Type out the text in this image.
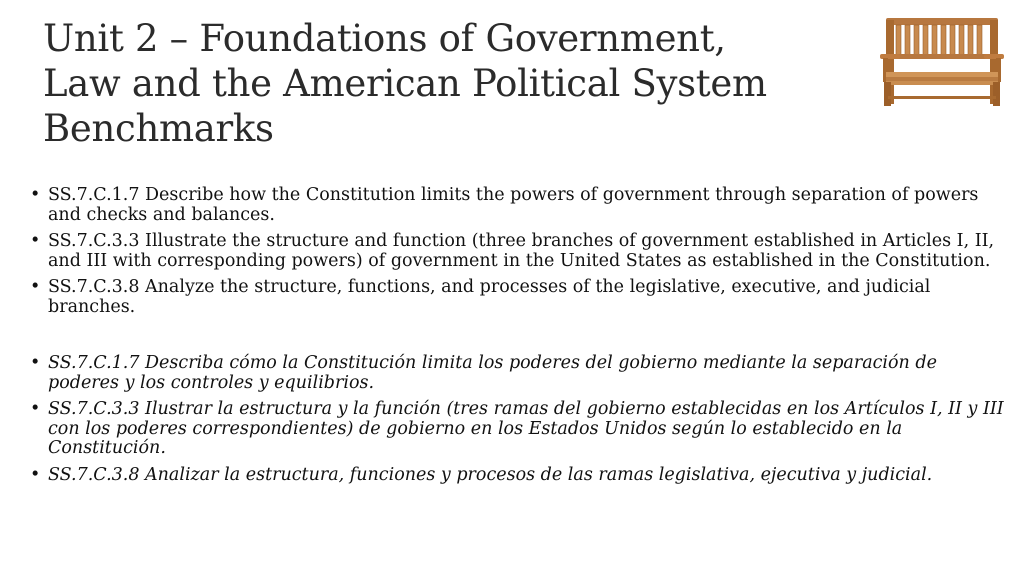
Unit 2 – Foundations of Government,
Law and the American Political System
Benchmarks
• SS.7.C.1.7 Describe how the Constitution limits the powers of government through separation of powers and checks and balances.
• SS.7.C.3.3 Illustrate the structure and function (three branches of government established in Articles I, II, and III with corresponding powers) of government in the United States as established in the Constitution.
• SS.7.C.3.8 Analyze the structure, functions, and processes of the legislative, executive, and judicial branches.
• SS.7.C.1.7 Describa cómo la Constitución limita los poderes del gobierno mediante la separación de poderes y los controles y equilibrios.
• SS.7.C.3.3 Ilustrar la estructura y la función (tres ramas del gobierno establecidas en los Artículos I, II y III con los poderes correspondientes) de gobierno en los Estados Unidos según lo establecido en la Constitución.
• SS.7.C.3.8 Analizar la estructura, funciones y procesos de las ramas legislativa, ejecutiva y judicial.
